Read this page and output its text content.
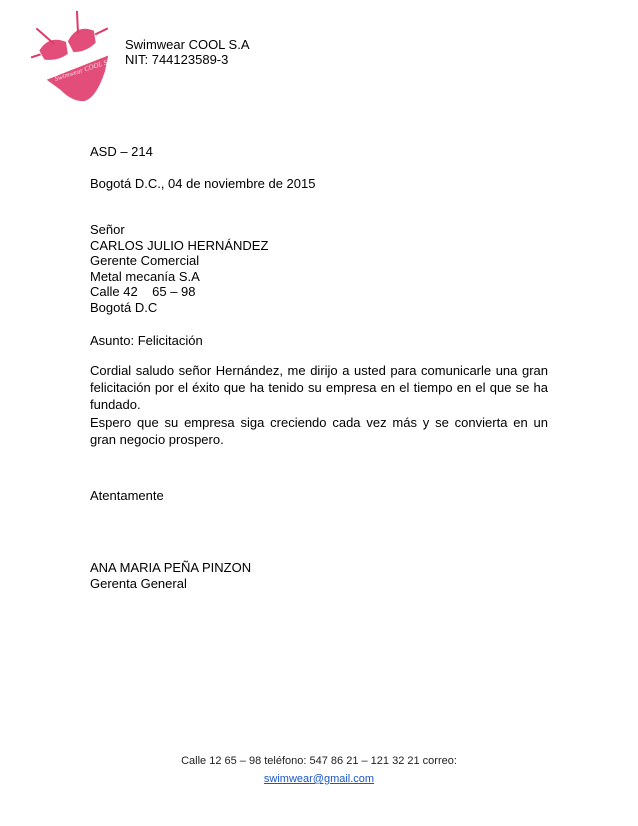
Swimwear COOL S.A
Swimwear COOL S.A
NIT: 744123589-3
ASD – 214
Bogotá D.C., 04 de noviembre de 2015
Señor
CARLOS JULIO HERNÁNDEZ
Gerente Comercial
Metal mecanía S.A
Calle 42    65 – 98
Bogotá D.C
Asunto: Felicitación
Cordial saludo señor Hernández, me dirijo a usted para comunicarle una gran felicitación por el éxito que ha tenido su empresa en el tiempo en el que se ha fundado.
Espero que su empresa siga creciendo cada vez más y se convierta en un gran negocio prospero.
Atentamente
ANA MARIA PEÑA PINZON
Gerenta General
Calle 12 65 – 98 teléfono: 547 86 21 – 121 32 21 correo:
swimwear@gmail.com
